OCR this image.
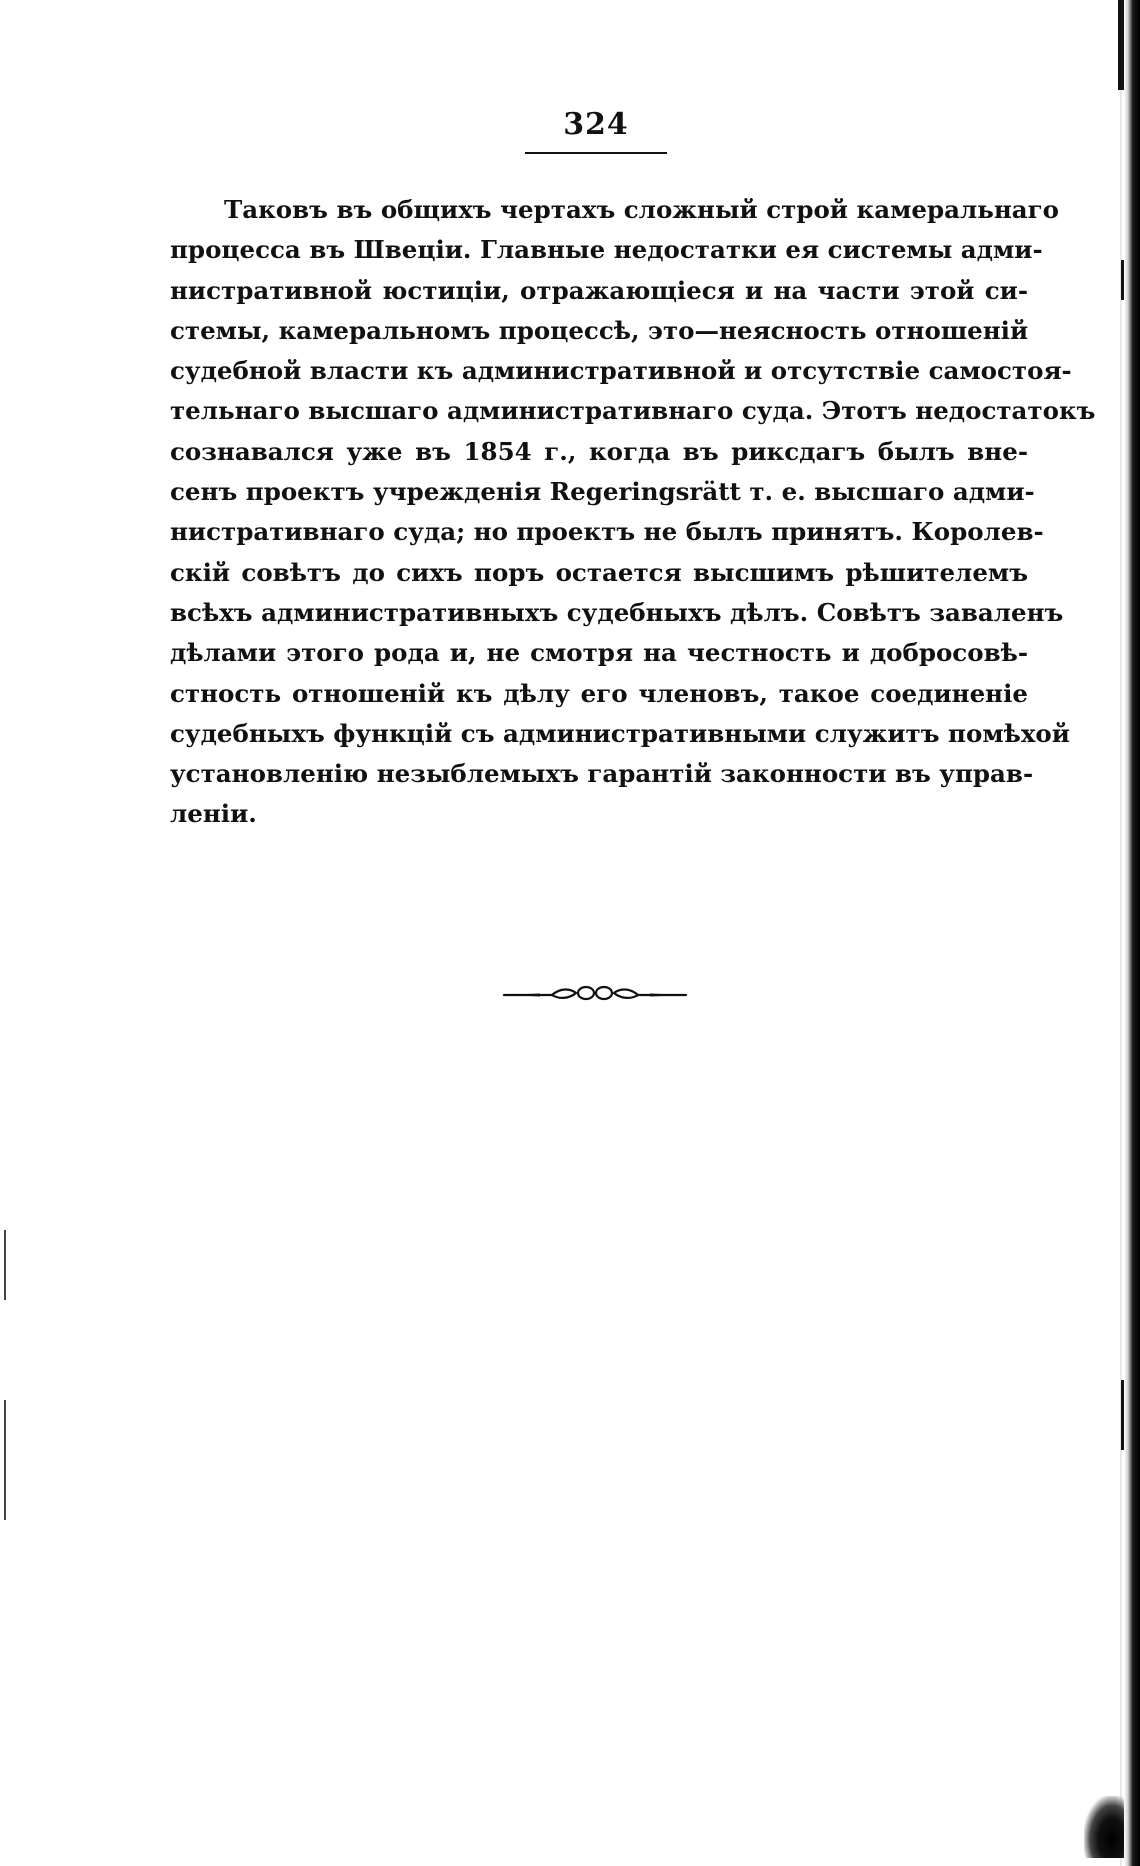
324
Таковъ въ общихъ чертахъ сложный строй камеральнаго
процесса въ Швеціи. Главные недостатки ея системы адми-
нистративной юстиціи, отражающіеся и на части этой си-
стемы, камеральномъ процессѣ, это—неясность отношеній
судебной власти къ административной и отсутствіе самостоя-
тельнаго высшаго административнаго суда. Этотъ недостатокъ
сознавался уже въ 1854 г., когда въ риксдагъ былъ вне-
сенъ проектъ учрежденія Regeringsrätt т. е. высшаго адми-
нистративнаго суда; но проектъ не былъ принятъ. Королев-
скій совѣтъ до сихъ поръ остается высшимъ рѣшителемъ
всѣхъ административныхъ судебныхъ дѣлъ. Совѣтъ заваленъ
дѣлами этого рода и, не смотря на честность и добросовѣ-
стность отношеній къ дѣлу его членовъ, такое соединеніе
судебныхъ функцій съ административными служитъ помѣхой
установленію незыблемыхъ гарантій законности въ управ-
леніи.
